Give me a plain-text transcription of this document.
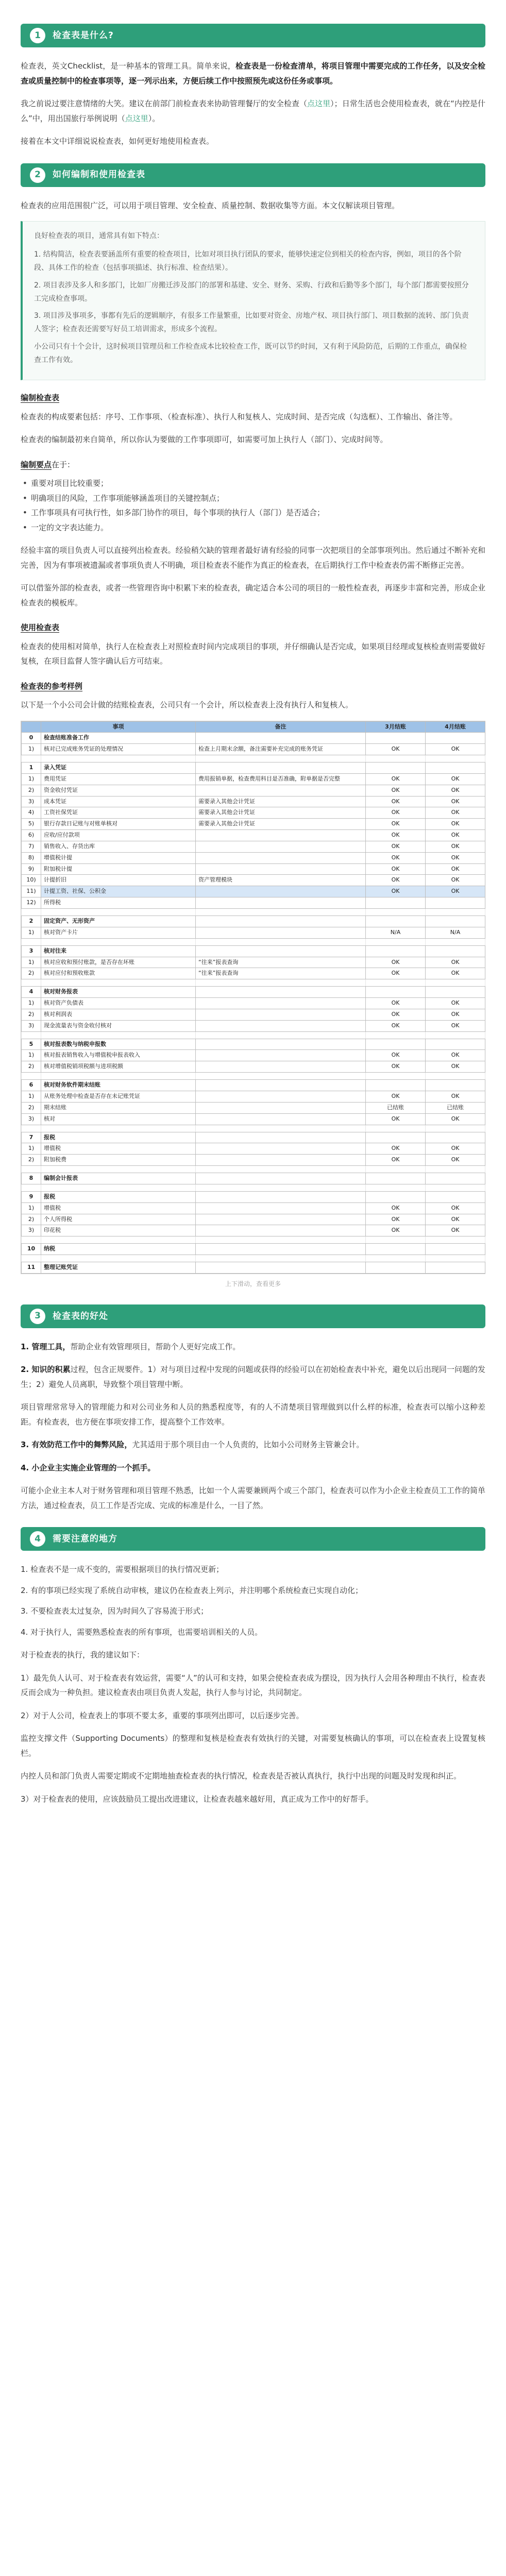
1	检查表是什么?

检查表，英文Checklist，是一种基本的管理工具。简单来说，检查表是一份检查清单，将项目管理中需要完成的工作任务，以及安全检查或质量控制中的检查事项等，逐一列示出来，方便后续工作中按照预先或这份任务或事项。

我之前说过要注意情绪的大笑。建议在前部门前检查表来协助管理餐厅的安全检查（点这里）；日常生活也会使用检查表，就在“内控是什么”中，用出国旅行举例说明（点这里）。

接着在本文中详细说说检查表，如何更好地使用检查表。

2	如何编制和使用检查表

检查表的应用范围很广泛，可以用于项目管理、安全检查、质量控制、数据收集等方面。本文仅解读项目管理。

良好检查表的项目，通常具有如下特点：

1. 结构简洁，检查表要涵盖所有重要的检查项目，比如对项目执行团队的要求，能够快速定位到相关的检查内容，例如，项目的各个阶段、具体工作的检查（包括事项描述、执行标准、检查结果）。
2. 项目表涉及多人和多部门，比如厂房搬迁涉及部门的部署和基建、安全、财务、采购、行政和后勤等多个部门，每个部门都需要按照分工完成检查事项。
3. 项目涉及事项多，事都有先后的逻辑顺序，有很多工作量繁重，比如要对资金、房地产权、项目执行部门、项目数据的流转、部门负责人签字；检查表还需要写好员工培训需求，形成多个流程。
小公司只有十个会计，这时候项目管理员和工作检查成本比较检查工作，既可以节约时间，又有利于风险防范，后期的工作重点，确保检查工作有效。
编制检查表

检查表的构成要素包括：序号、工作事项、（检查标准）、执行人和复核人、完成时间、是否完成（勾选框）、工作输出、备注等。

检查表的编制最初来自简单，所以你认为要做的工作事项即可，如需要可加上执行人（部门）、完成时间等。

编制要点在于：
• 重要对项目比较重要；
• 明确项目的风险，工作事项能够涵盖项目的关键控制点；
• 工作事项具有可执行性，如多部门协作的项目，每个事项的执行人（部门）是否适合；
• 一定的文字表达能力。

经验丰富的项目负责人可以直接列出检查表。经验稍欠缺的管理者最好请有经验的同事一次把项目的全部事项列出。然后通过不断补充和完善，因为有事项被遗漏或者事项负责人不明确，项目检查表不能作为真正的检查表，在后期执行工作中检查表仍需不断修正完善。

可以借鉴外部的检查表，或者一些管理咨询中积累下来的检查表，确定适合本公司的项目的一般性检查表，再逐步丰富和完善，形成企业检查表的模板库。

使用检查表

检查表的使用相对简单，执行人在检查表上对照检查时间内完成项目的事项，并仔细确认是否完成，如果项目经理或复核检查则需要做好复核，在项目监督人签字确认后方可结束。

检查表的参考样例

以下是一个小公司会计做的结账检查表，公司只有一个会计，所以检查表上没有执行人和复核人。

	事项	备注	3月结账	4月结账
0	检查结账准备工作			
1)	核对已完成账务凭证的处理情况	检查上月期末余额，备注需要补充完成的账务凭证	OK	OK

1	录入凭证			
1)	费用凭证	费用报销单据，检查费用科目是否准确，附单据是否完整	OK	OK
2)	资金收付凭证		OK	OK
3)	成本凭证	需要录入其他会计凭证	OK	OK
4)	工资社保凭证	需要录入其他会计凭证	OK	OK
5)	银行存款日记账与对账单核对	需要录入其他会计凭证	OK	OK
6)	应收/应付款项		OK	OK
7)	销售收入、存货出库		OK	OK
8)	增值税计提		OK	OK
9)	附加税计提		OK	OK
10)	计提折旧	资产管理模块	OK	OK
11)	计提工资、社保、公积金		OK	OK
12)	所得税			

2	固定资产、无形资产			
1)	核对资产卡片		N/A	N/A

3	核对往来			
1)	核对应收和预付账款，是否存在坏账	“往来”报表查询	OK	OK
2)	核对应付和预收账款	“往来”报表查询	OK	OK

4	核对财务报表			
1)	核对资产负债表		OK	OK
2)	核对利润表		OK	OK
3)	现金流量表与资金收付核对		OK	OK

5	核对报表数与纳税申报数			
1)	核对报表销售收入与增值税申报表收入		OK	OK
2)	核对增值税销项税额与进项税额		OK	OK

6	核对财务软件期末结账			
1)	从账务处理中检查是否存在未记账凭证		OK	OK
2)	期末结账		已结账	已结账
3)	核对		OK	OK

7	报税			
1)	增值税		OK	OK
2)	附加税费		OK	OK

8	编制会计报表			

9	报税			
1)	增值税		OK	OK
2)	个人所得税		OK	OK
3)	印花税		OK	OK

10	纳税			

11	整理记账凭证			
上下滑动，查看更多
3	检查表的好处

1. 管理工具，帮助企业有效管理项目，帮助个人更好完成工作。

2. 知识的积累过程，包含正规要件。1）对与项目过程中发现的问题或获得的经验可以在初始检查表中补充，避免以后出现同一问题的发生；2）避免人员离职，导致整个项目管理中断。

项目管理常常导入的管理能力和对公司业务和人员的熟悉程度等，有的人不清楚项目管理做到以什么样的标准，检查表可以缩小这种差距。有检查表，也方便在事项安排工作，提高整个工作效率。

3. 有效防范工作中的舞弊风险，尤其适用于那个项目由一个人负责的，比如小公司财务主管兼会计。

4. 小企业主实施企业管理的一个抓手。

可能小企业主本人对于财务管理和项目管理不熟悉，比如一个人需要兼顾两个或三个部门，检查表可以作为小企业主检查员工工作的简单方法，通过检查表，员工工作是否完成、完成的标准是什么，一目了然。

4	需要注意的地方
1. 检查表不是一成不变的，需要根据项目的执行情况更新；
2. 有的事项已经实现了系统自动审核，建议仍在检查表上列示，并注明哪个系统检查已实现自动化；
3. 不要检查表太过复杂，因为时间久了容易流于形式；
4. 对于执行人，需要熟悉检查表的所有事项，也需要培训相关的人员。

对于检查表的执行，我的建议如下：

1）最先负人认可、对于检查表有效运营，需要“人”的认可和支持，如果会使检查表成为摆设，因为执行人会用各种理由不执行，检查表反而会成为一种负担。建议检查表由项目负责人发起，执行人参与讨论，共同制定。

2）对于人公司，检查表上的事项不要太多，重要的事项列出即可，以后逐步完善。

监控支撑文件（Supporting Documents）的整理和复核是检查表有效执行的关键，对需要复核确认的事项，可以在检查表上设置复核栏。

内控人员和部门负责人需要定期或不定期地抽查检查表的执行情况，检查表是否被认真执行，执行中出现的问题及时发现和纠正。

3）对于检查表的使用，应该鼓励员工提出改进建议，让检查表越来越好用，真正成为工作中的好帮手。
